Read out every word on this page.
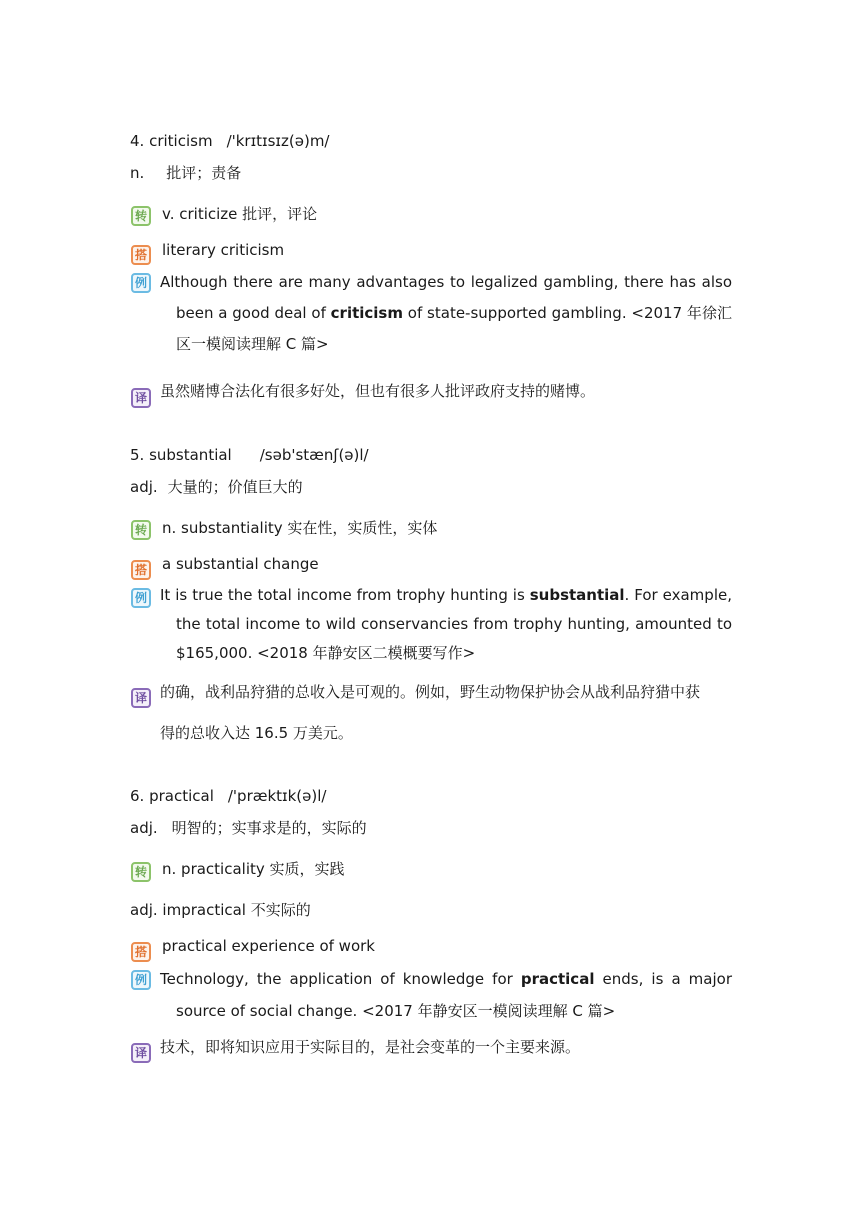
4. criticism /'krɪtɪsɪz(ə)m/
n. 批评；责备
转 v. criticize 批评，评论
搭 literary criticism
例 Although there are many advantages to legalized gambling, there has also been a good deal of criticism of state-supported gambling. <2017 年徐汇区一模阅读理解 C 篇>
译 虽然赌博合法化有很多好处，但也有很多人批评政府支持的赌博。
5. substantial /səb'stænʃ(ə)l/
adj. 大量的；价值巨大的
转 n. substantiality 实在性，实质性，实体
搭 a substantial change
例 It is true the total income from trophy hunting is substantial. For example, the total income to wild conservancies from trophy hunting, amounted to $165,000. <2018 年静安区二模概要写作>
译 的确，战利品狩猎的总收入是可观的。例如，野生动物保护协会从战利品狩猎中获
得的总收入达 16.5 万美元。
6. practical /'præktɪk(ə)l/
adj. 明智的；实事求是的，实际的
转 n. practicality 实质，实践
adj. impractical 不实际的
搭 practical experience of work
例 Technology, the application of knowledge for practical ends, is a major source of social change. <2017 年静安区一模阅读理解 C 篇>
译 技术，即将知识应用于实际目的，是社会变革的一个主要来源。
